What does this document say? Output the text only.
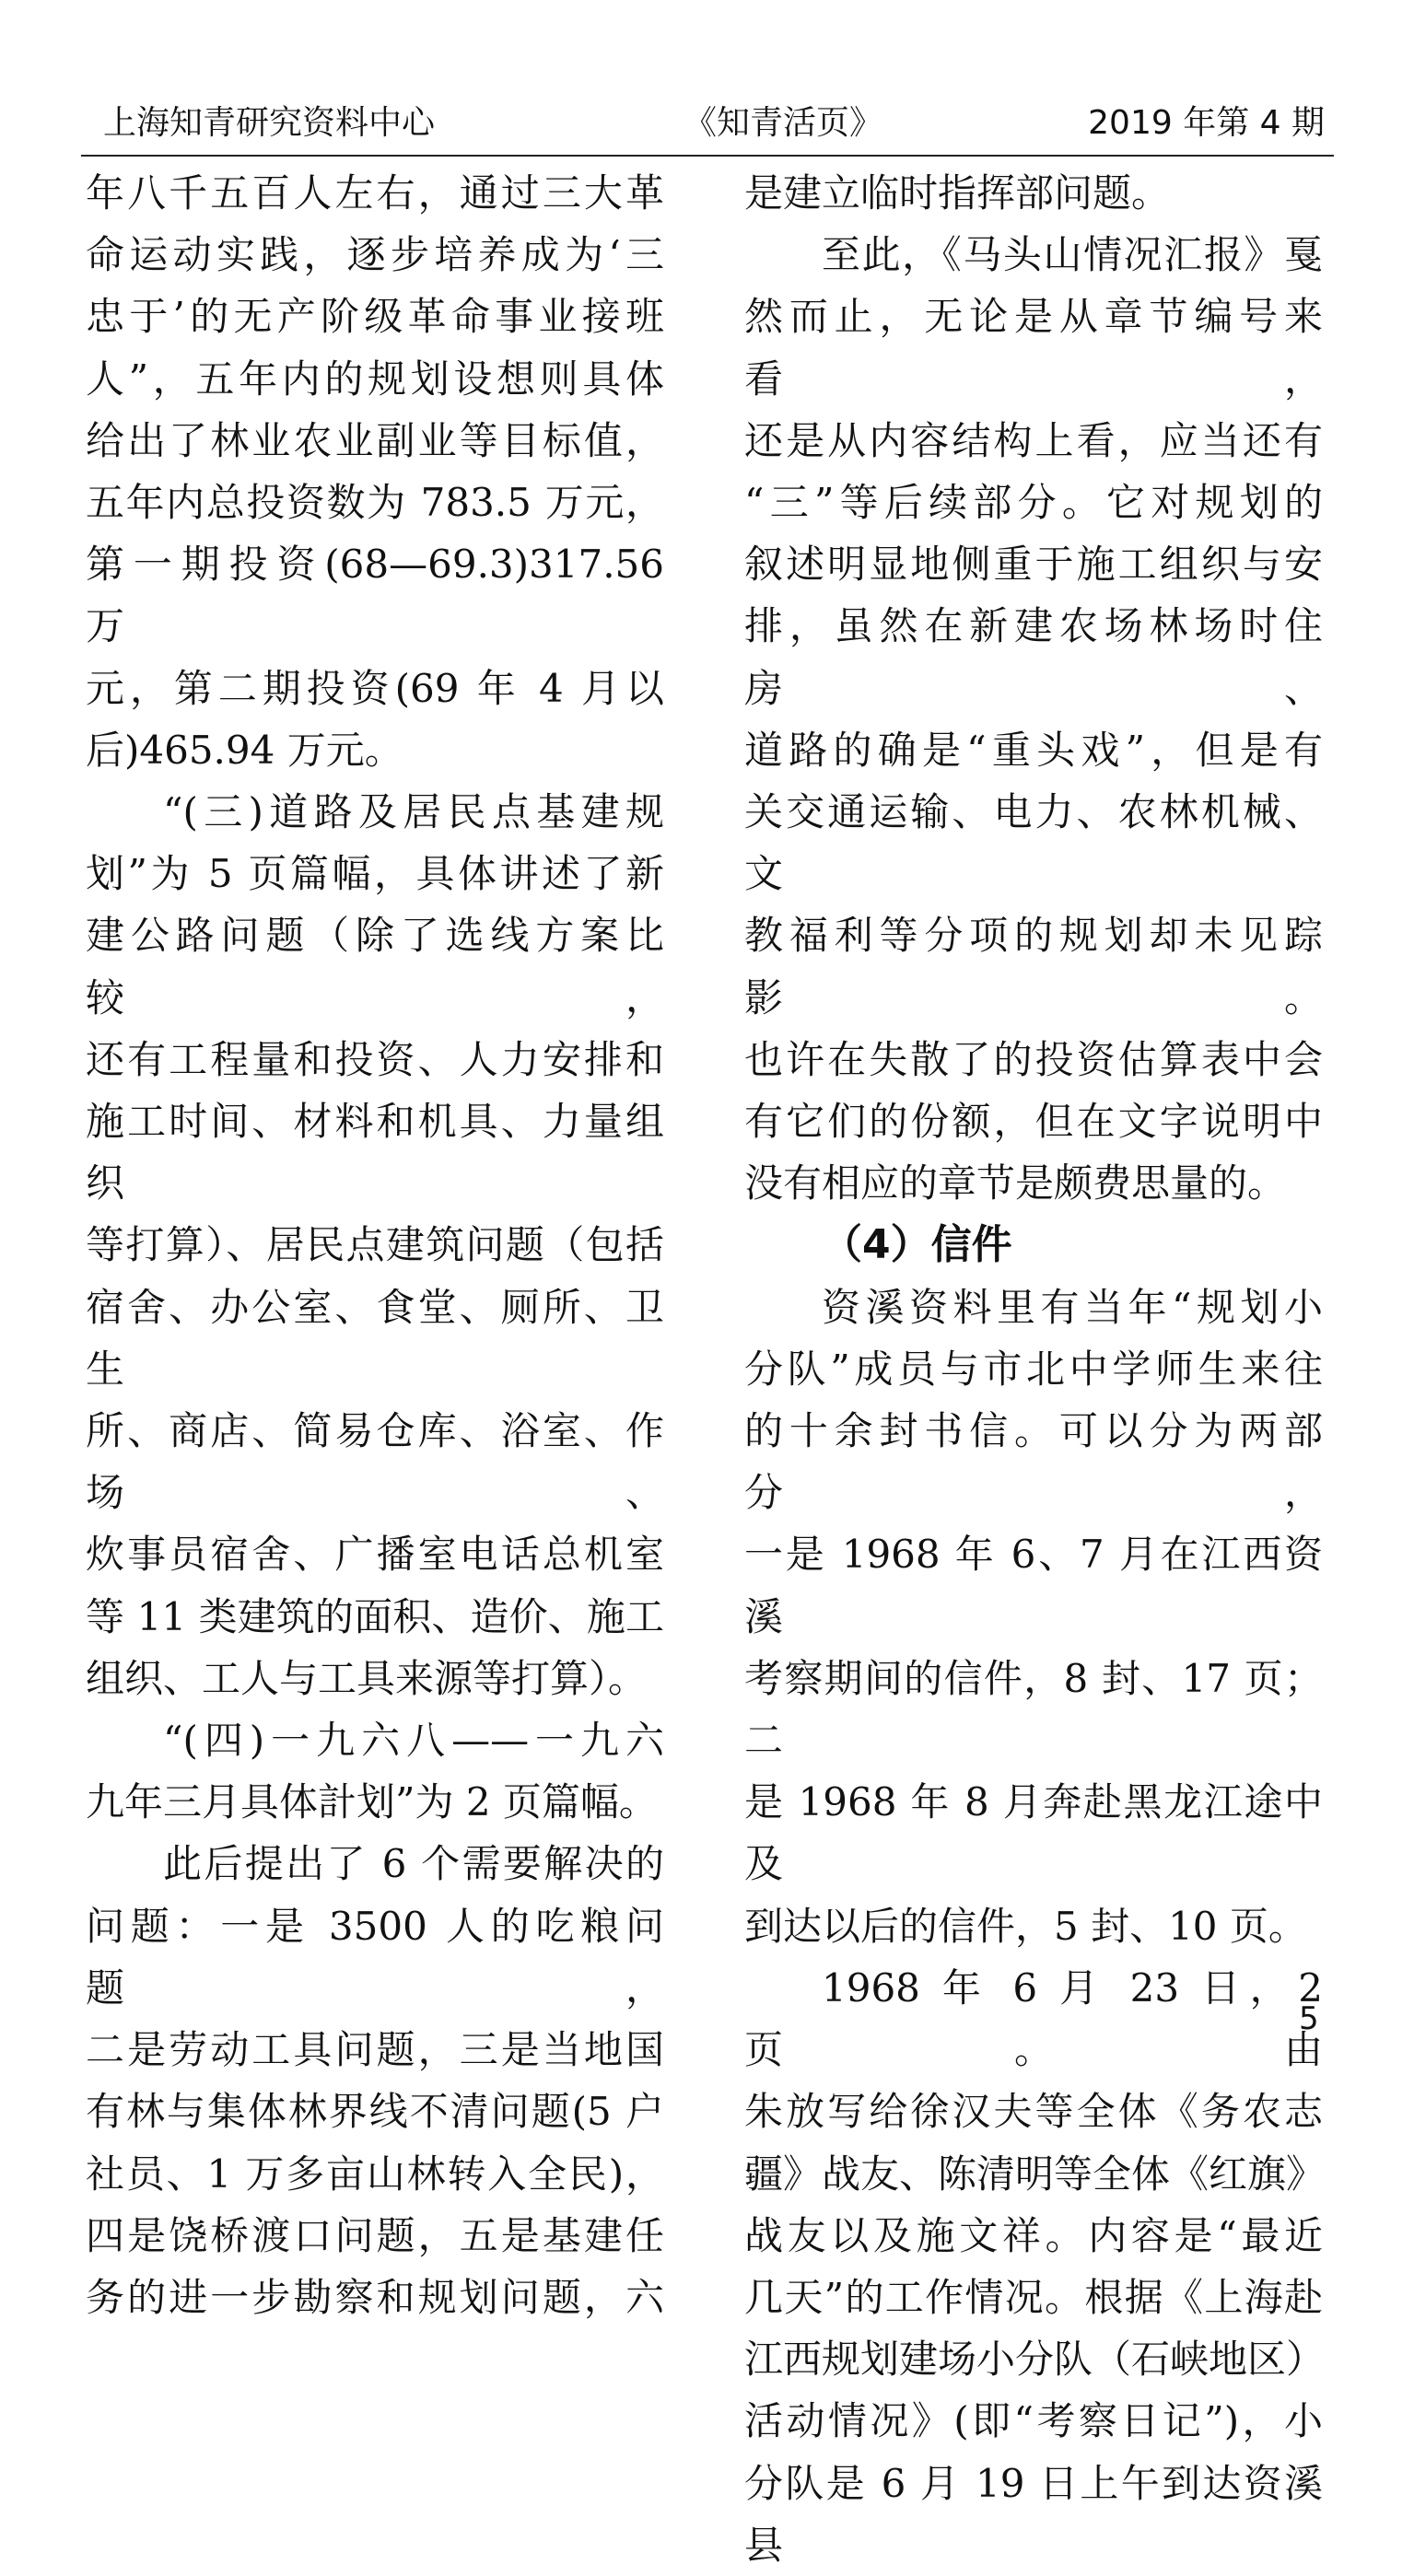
上海知青研究资料中心	《知青活页》	2019 年第 4 期

年八千五百人左右，通过三大革

命运动实践，逐步培养成为‘三

忠于’的无产阶级革命事业接班

人”，五年内的规划设想则具体

给出了林业农业副业等目标值，

五年内总投资数为 783.5 万元，

第一期投资(68—69.3)317.56 万

元，第二期投资(69 年 4 月以

后)465.94 万元。

“(三)道路及居民点基建规

划”为 5 页篇幅，具体讲述了新

建公路问题（除了选线方案比较，

还有工程量和投资、人力安排和

施工时间、材料和机具、力量组织

等打算）、居民点建筑问题（包括

宿舍、办公室、食堂、厕所、卫生

所、商店、简易仓库、浴室、作场、

炊事员宿舍、广播室电话总机室

等 11 类建筑的面积、造价、施工

组织、工人与工具来源等打算）。

“(四)一九六八——一九六

九年三月具体計划”为 2 页篇幅。

此后提出了 6 个需要解决的

问题：一是 3500 人的吃粮问题，

二是劳动工具问题，三是当地国

有林与集体林界线不清问题(5 户

社员、1 万多亩山林转入全民)，

四是饶桥渡口问题，五是基建任

务的进一步勘察和规划问题，六

是建立临时指挥部问题。

至此，《马头山情况汇报》戛

然而止，无论是从章节编号来看，

还是从内容结构上看，应当还有

“三”等后续部分。它对规划的

叙述明显地侧重于施工组织与安

排，虽然在新建农场林场时住房、

道路的确是“重头戏”，但是有

关交通运输、电力、农林机械、文

教福利等分项的规划却未见踪影。

也许在失散了的投资估算表中会

有它们的份额，但在文字说明中

没有相应的章节是颇费思量的。

（4）信件

资溪资料里有当年“规划小

分队”成员与市北中学师生来往

的十余封书信。可以分为两部分，

一是 1968 年 6、7 月在江西资溪

考察期间的信件，8 封、17 页；二

是 1968 年 8 月奔赴黑龙江途中及

到达以后的信件，5 封、10 页。

1968 年 6 月 23 日，2 页。由

朱放写给徐汉夫等全体《务农志

疆》战友、陈清明等全体《红旗》

战友以及施文祥。内容是“最近

几天”的工作情况。根据《上海赴

江西规划建场小分队（石峡地区）

活动情况》(即“考察日记”)，小

分队是 6 月 19 日上午到达资溪县

5
